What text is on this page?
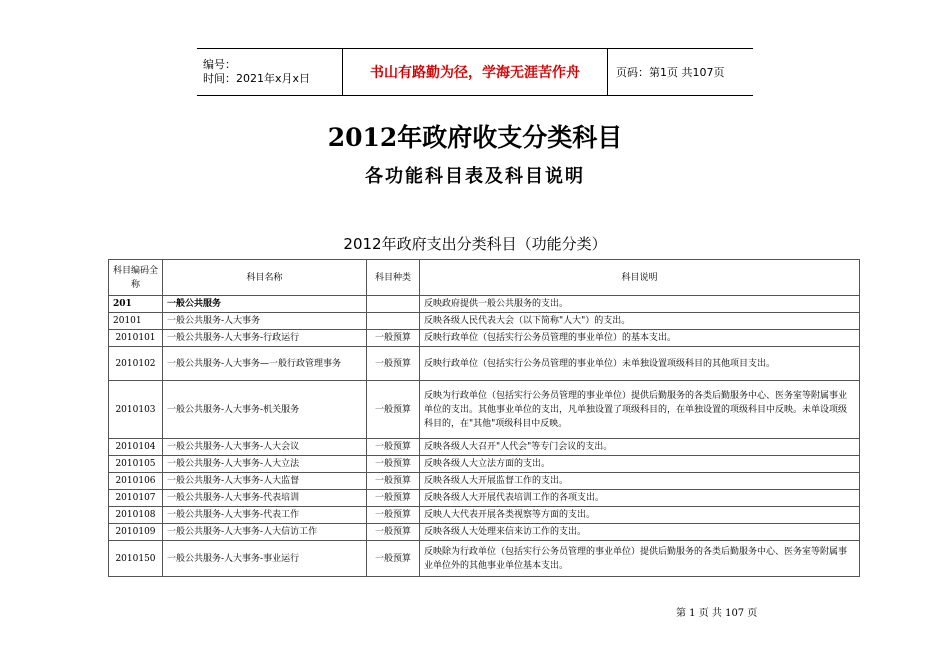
编号：
时间：2021年x月x日	书山有路勤为径，学海无涯苦作舟	页码：第1页 共107页
2012年政府收支分类科目
各功能科目表及科目说明
2012年政府支出分类科目（功能分类）
科目编码全称	科目名称	科目种类	科目说明
201	一般公共服务		反映政府提供一般公共服务的支出。
20101	一般公共服务-人大事务		反映各级人民代表大会（以下简称"人大"）的支出。
2010101	一般公共服务-人大事务-行政运行	一般预算	反映行政单位（包括实行公务员管理的事业单位）的基本支出。
2010102	一般公共服务-人大事务—一般行政管理事务	一般预算	反映行政单位（包括实行公务员管理的事业单位）未单独设置项级科目的其他项目支出。
2010103	一般公共服务-人大事务-机关服务	一般预算	反映为行政单位（包括实行公务员管理的事业单位）提供后勤服务的各类后勤服务中心、医务室等附属事业单位的支出。其他事业单位的支出，凡单独设置了项级科目的，在单独设置的项级科目中反映。未单设项级科目的，在"其他"项级科目中反映。
2010104	一般公共服务-人大事务-人大会议	一般预算	反映各级人大召开"人代会"等专门会议的支出。
2010105	一般公共服务-人大事务-人大立法	一般预算	反映各级人大立法方面的支出。
2010106	一般公共服务-人大事务-人大监督	一般预算	反映各级人大开展监督工作的支出。
2010107	一般公共服务-人大事务-代表培训	一般预算	反映各级人大开展代表培训工作的各项支出。
2010108	一般公共服务-人大事务-代表工作	一般预算	反映人大代表开展各类视察等方面的支出。
2010109	一般公共服务-人大事务-人大信访工作	一般预算	反映各级人大处理来信来访工作的支出。
2010150	一般公共服务-人大事务-事业运行	一般预算	反映除为行政单位（包括实行公务员管理的事业单位）提供后勤服务的各类后勤服务中心、医务室等附属事业单位外的其他事业单位基本支出。
第 1 页 共 107 页
